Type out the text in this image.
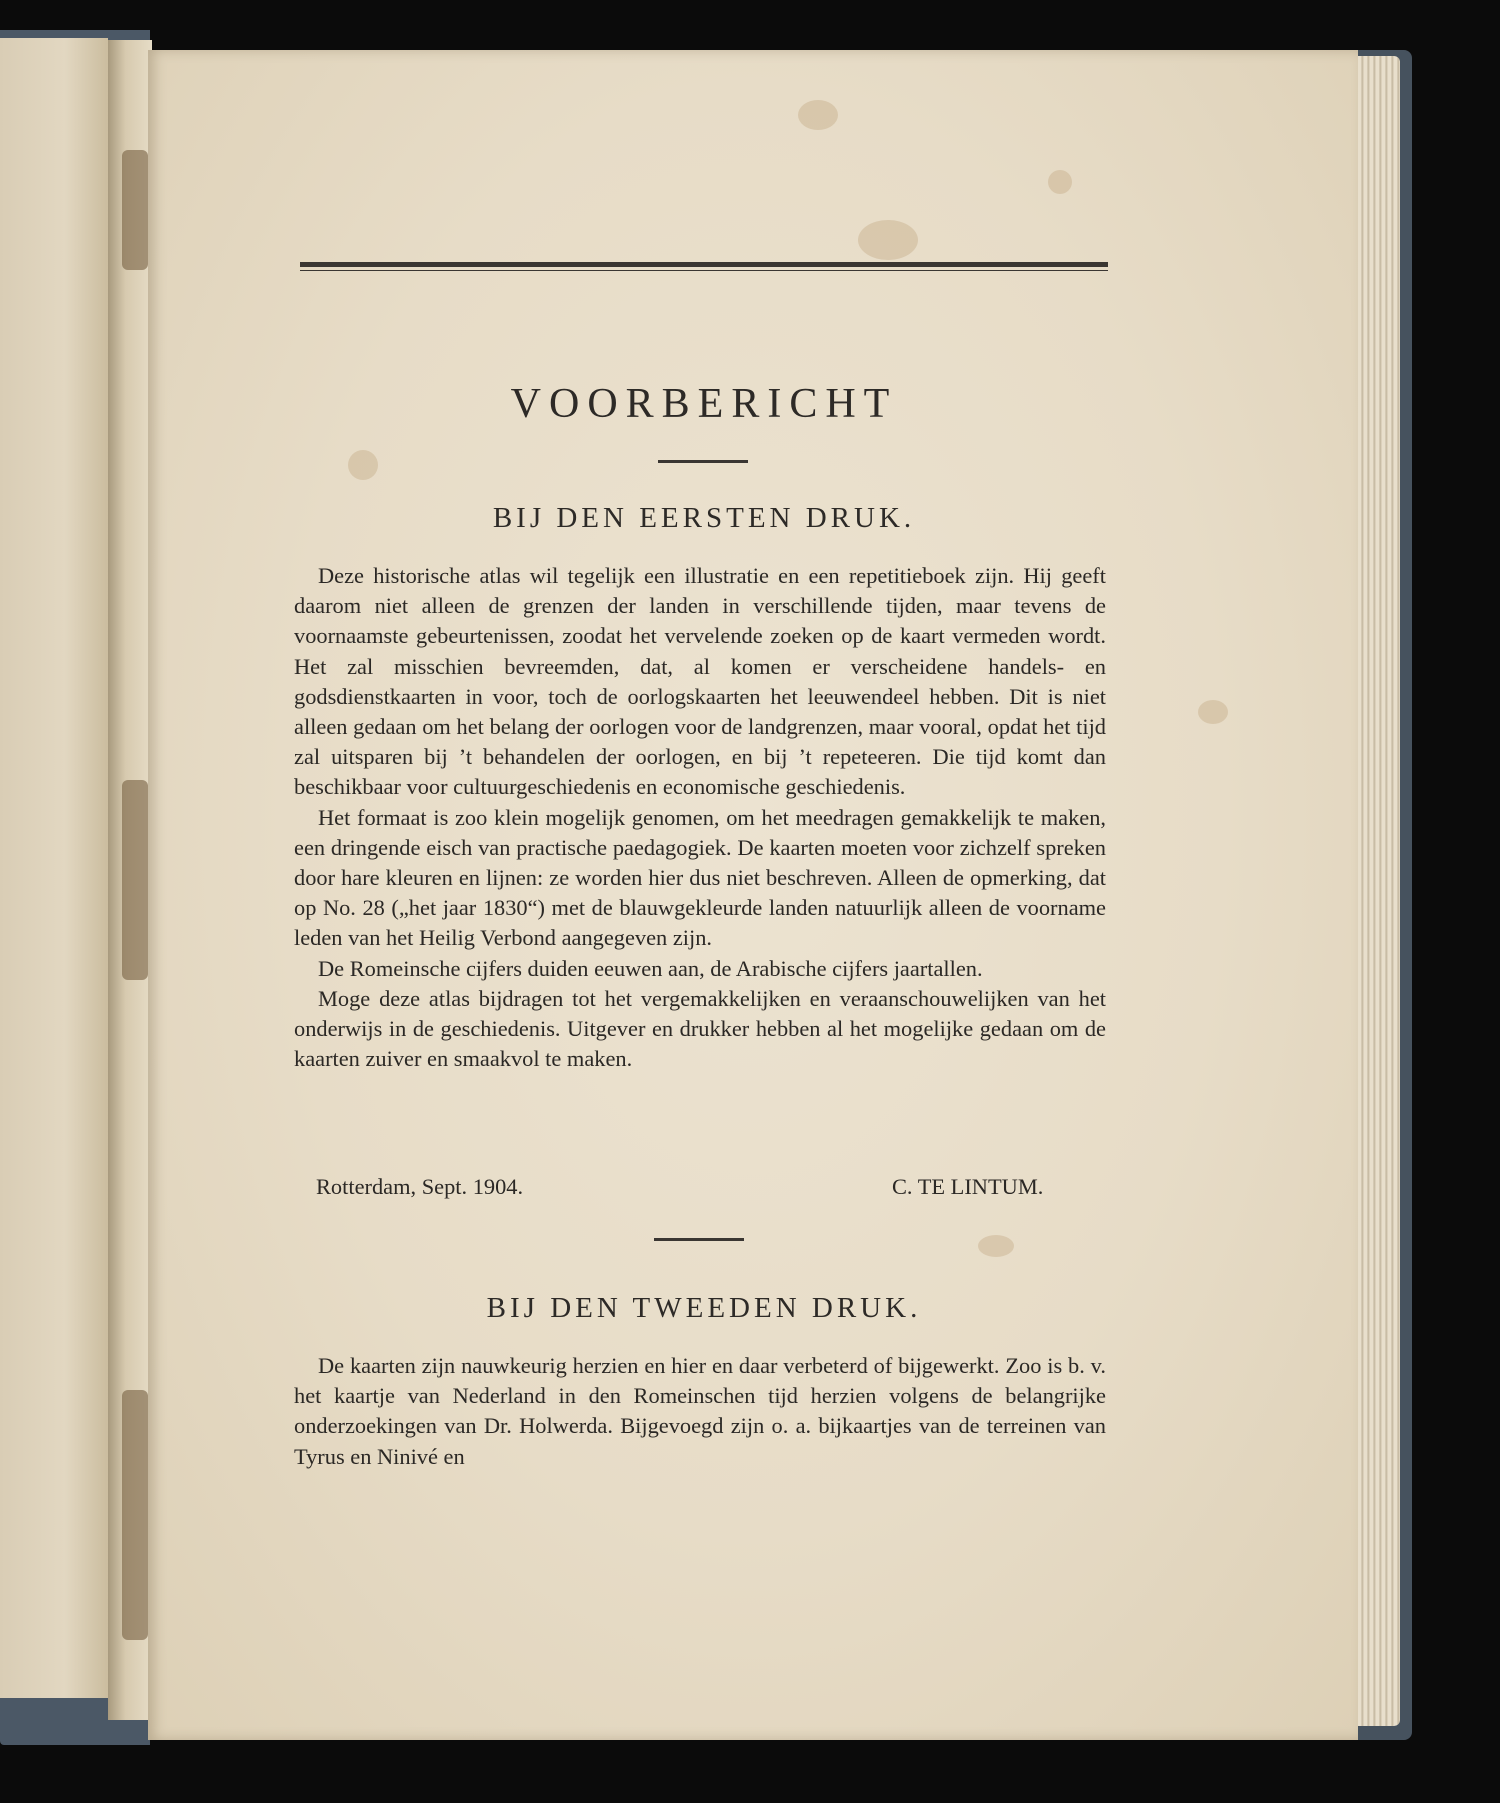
VOORBERICHT
BIJ DEN EERSTEN DRUK.

Deze historische atlas wil tegelijk een illustratie en een repetitieboek zijn. Hij geeft daarom niet alleen de grenzen der landen in verschillende tijden, maar tevens de voornaamste gebeurtenissen, zoodat het vervelende zoeken op de kaart vermeden wordt. Het zal misschien bevreemden, dat, al komen er verscheidene handels- en godsdienstkaarten in voor, toch de oorlogskaarten het leeuwendeel hebben. Dit is niet alleen gedaan om het belang der oorlogen voor de landgrenzen, maar vooral, opdat het tijd zal uitsparen bij ’t behandelen der oorlogen, en bij ’t repeteeren. Die tijd komt dan beschikbaar voor cultuurgeschiedenis en economische geschiedenis.

Het formaat is zoo klein mogelijk genomen, om het meedragen gemakkelijk te maken, een dringende eisch van practische paedagogiek. De kaarten moeten voor zichzelf spreken door hare kleuren en lijnen: ze worden hier dus niet beschreven. Alleen de opmerking, dat op No. 28 („het jaar 1830“) met de blauwgekleurde landen natuurlijk alleen de voorname leden van het Heilig Verbond aangegeven zijn.

De Romeinsche cijfers duiden eeuwen aan, de Arabische cijfers jaartallen.

Moge deze atlas bijdragen tot het vergemakkelijken en veraanschouwelijken van het onderwijs in de geschiedenis. Uitgever en drukker hebben al het mogelijke gedaan om de kaarten zuiver en smaakvol te maken.

Rotterdam, Sept. 1904.	C. TE LINTUM.
BIJ DEN TWEEDEN DRUK.

De kaarten zijn nauwkeurig herzien en hier en daar verbeterd of bijgewerkt. Zoo is b. v. het kaartje van Nederland in den Romeinschen tijd herzien volgens de belangrijke onderzoekingen van Dr. Holwerda. Bijgevoegd zijn o. a. bijkaartjes van de terreinen van Tyrus en Ninivé en
